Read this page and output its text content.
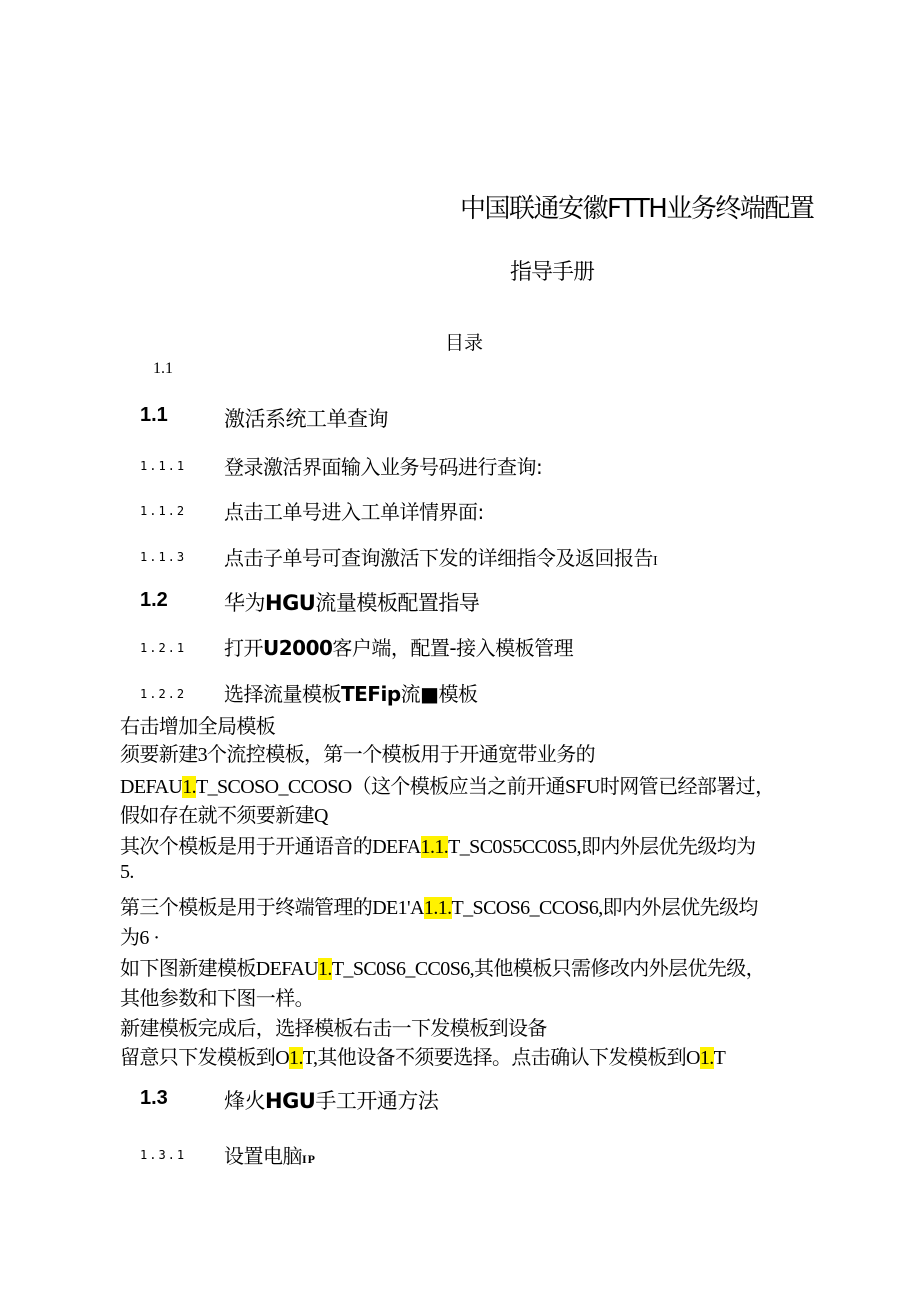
中国联通安徽FTTH业务终端配置
指导手册
目录
1.1
1.1	激活系统工单查询
1.1.1 登录激活界面输入业务号码进行查询:
1.1.2 点击工单号进入工单详情界面:
1.1.3 点击子单号可查询激活下发的详细指令及返回报告I
1.2	华为HGU流量模板配置指导
1.2.1 打开U2000客户端，配置-接入模板管理
1.2.2 选择流量模板TEFip流■模板
右击增加全局模板
须要新建3个流控模板，第一个模板用于开通宽带业务的
DEFAU1.T_SCOSO_CCOSO（这个模板应当之前开通SFU时网管已经部署过，
假如存在就不须要新建Q
其次个模板是用于开通语音的DEFA1.1.T_SC0S5CC0S5,即内外层优先级均为
5.
第三个模板是用于终端管理的DE1'A1.1.T_SCOS6_CCOS6,即内外层优先级均
为6 ·
如下图新建模板DEFAU1.T_SC0S6_CC0S6,其他模板只需修改内外层优先级，
其他参数和下图一样。
新建模板完成后，选择模板右击一下发模板到设备
留意只下发模板到O1.T,其他设备不须要选择。点击确认下发模板到O1.T
1.3	烽火HGU手工开通方法
1.3.1 设置电脑IP
